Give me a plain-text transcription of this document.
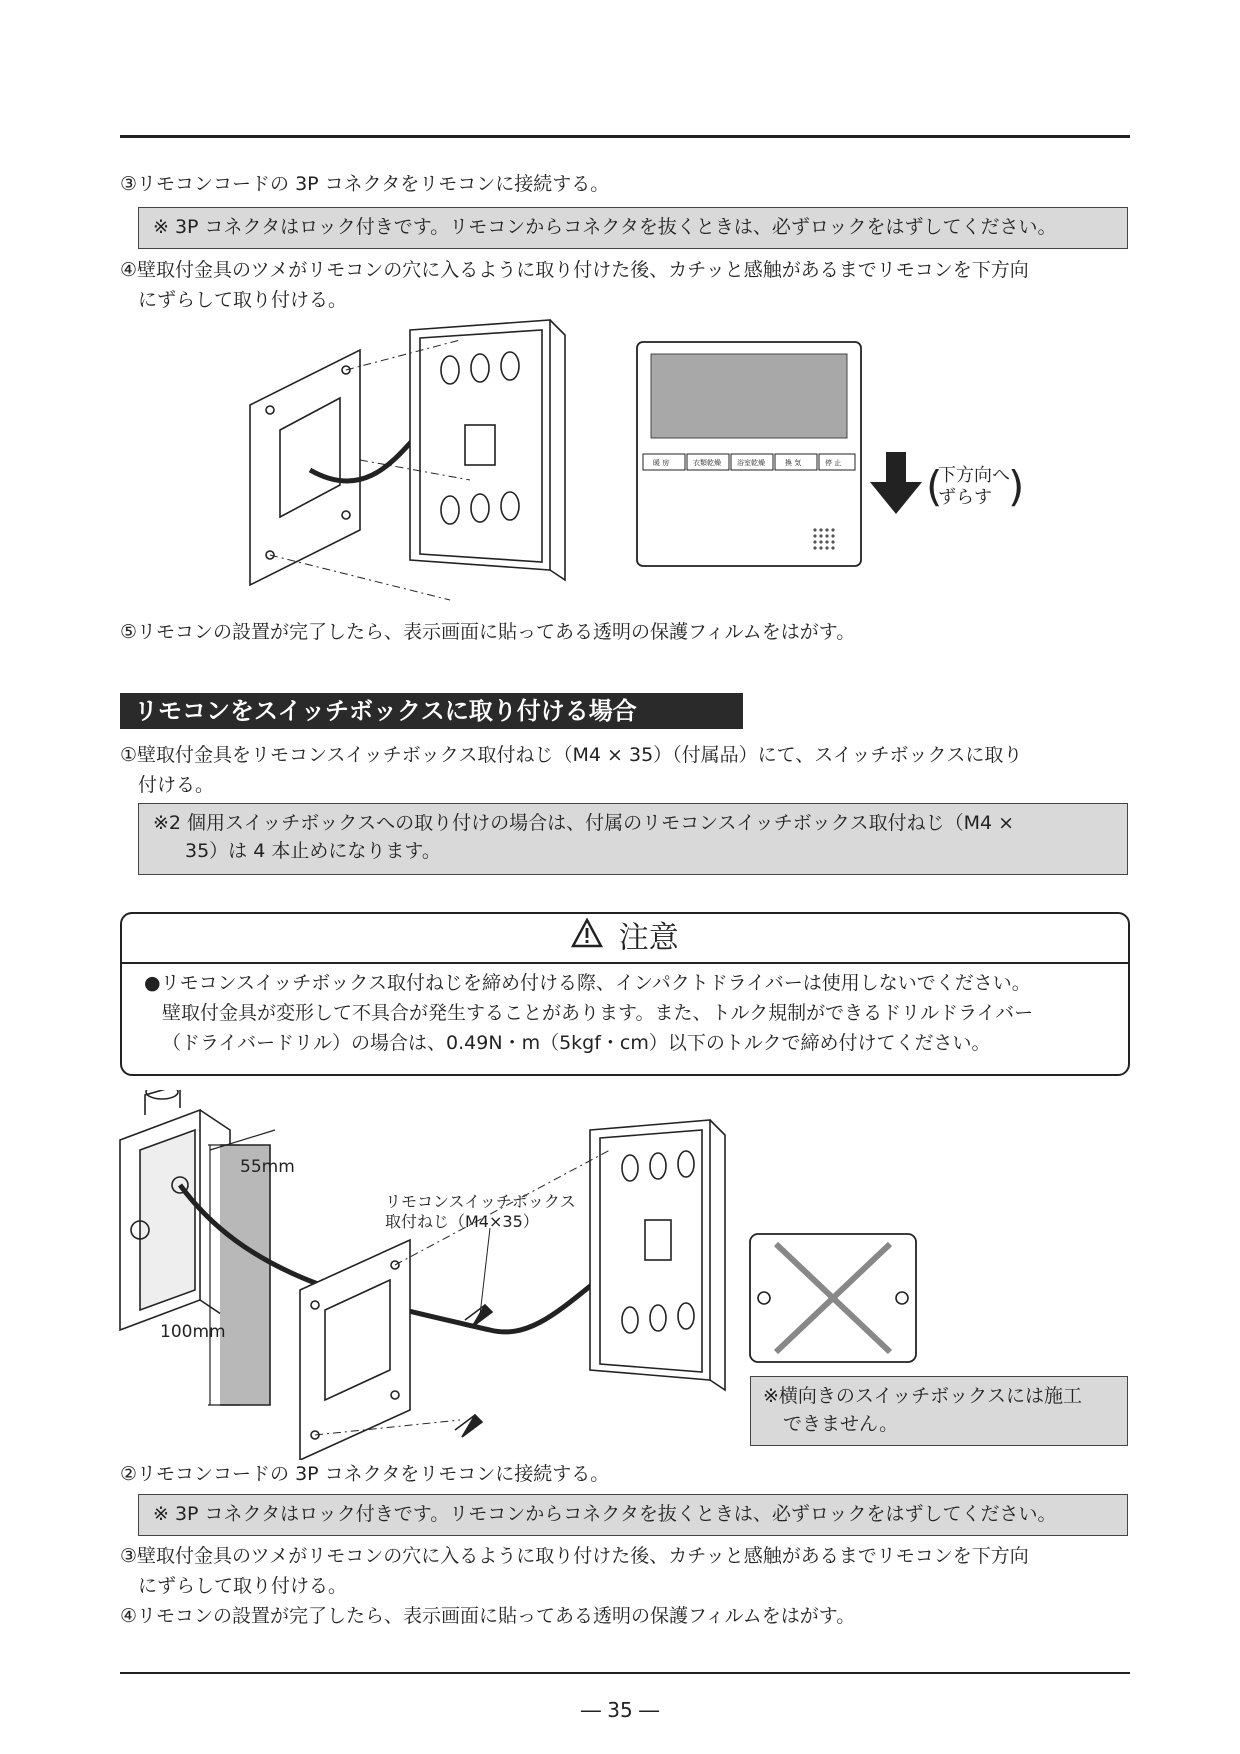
③リモコンコードの 3P コネクタをリモコンに接続する。
※ 3P コネクタはロック付きです。リモコンからコネクタを抜くときは、必ずロックをはずしてください。
④壁取付金具のツメがリモコンの穴に入るように取り付けた後、カチッと感触があるまでリモコンを下方向
にずらして取り付ける。
暖 房	衣類乾燥 浴室乾燥	換 気	停 止 (
下方向へ
ずらす )
⑤リモコンの設置が完了したら、表示画面に貼ってある透明の保護フィルムをはがす。
リモコンをスイッチボックスに取り付ける場合
①壁取付金具をリモコンスイッチボックス取付ねじ（M4 × 35）（付属品）にて、スイッチボックスに取り
付ける。
※2 個用スイッチボックスへの取り付けの場合は、付属のリモコンスイッチボックス取付ねじ（M4 ×
35）は 4 本止めになります。
注意
●リモコンスイッチボックス取付ねじを締め付ける際、インパクトドライバーは使用しないでください。
壁取付金具が変形して不具合が発生することがあります。また、トルク規制ができるドリルドライバー
（ドライバードリル）の場合は、0.49N・m（5kgf・cm）以下のトルクで締め付けてください。
55mm
100mm
リモコンスイッチボックス
取付ねじ（M4×35）
※横向きのスイッチボックスには施工
できません。
②リモコンコードの 3P コネクタをリモコンに接続する。
※ 3P コネクタはロック付きです。リモコンからコネクタを抜くときは、必ずロックをはずしてください。
③壁取付金具のツメがリモコンの穴に入るように取り付けた後、カチッと感触があるまでリモコンを下方向
にずらして取り付ける。
④リモコンの設置が完了したら、表示画面に貼ってある透明の保護フィルムをはがす。
― 35 ―
